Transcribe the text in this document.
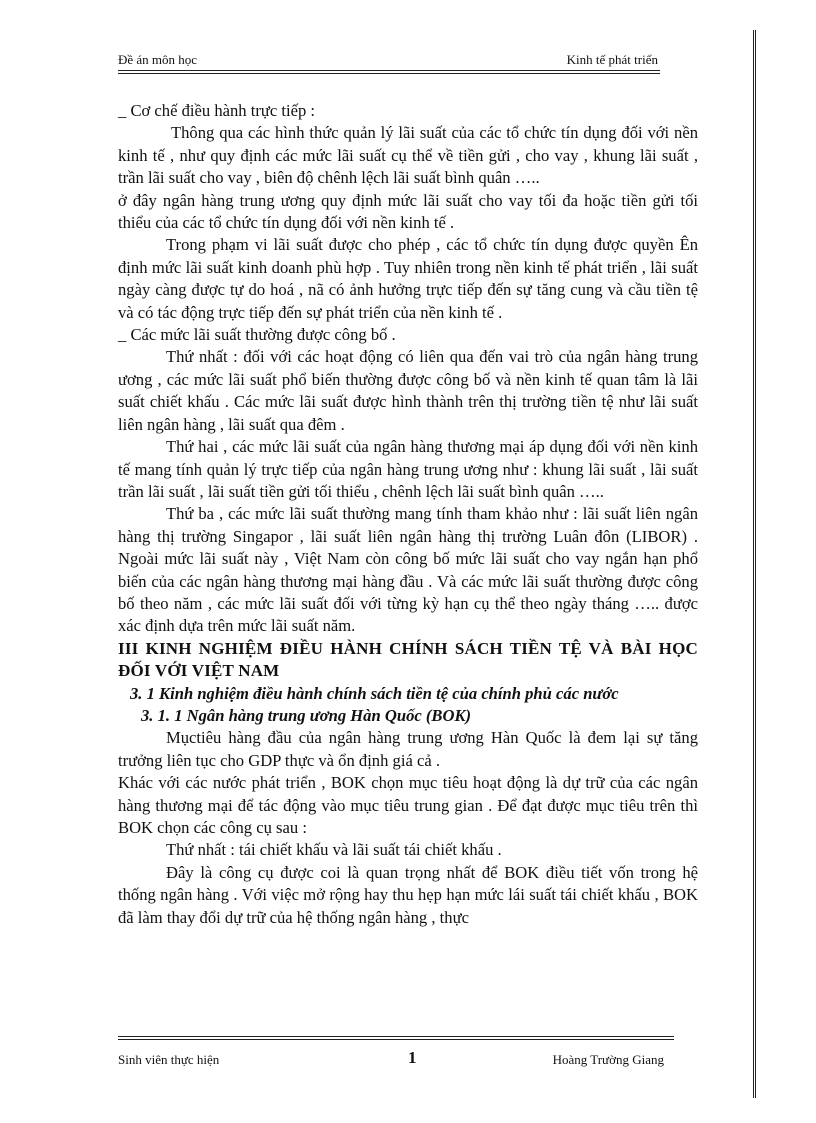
Đề án môn học	Kinh tế phát triển

_ Cơ chế điều hành trực tiếp :

Thông qua các hình thức quản lý lãi suất của các tổ chức tín dụng đối với nền kinh tế , như quy định các mức lãi suất cụ thể về tiền gửi , cho vay , khung lãi suất , trần lãi suất cho vay , biên độ chênh lệch lãi suất bình quân …..

ở đây ngân hàng trung ương quy định mức lãi suất cho vay tối đa hoặc tiền gửi tối thiểu của các tổ chức tín dụng đối với nền kinh tế .

Trong phạm vi lãi suất được cho phép , các tổ chức tín dụng được quyền Ên định mức lãi suất kinh doanh phù hợp . Tuy nhiên trong nền kinh tế phát triển , lãi suất ngày càng được tự do hoá , nã có ảnh hưởng trực tiếp đến sự tăng cung và cầu tiền tệ và có tác động trực tiếp đến sự phát triển của nền kinh tế .

_ Các mức lãi suất thường được công bố .

Thứ nhất : đối với các hoạt động có liên qua đến vai trò của ngân hàng trung ương , các mức lãi suất phổ biến thường được công bố và nền kinh tế quan tâm là lãi suất chiết khấu . Các mức lãi suất được hình thành trên thị trường tiền tệ như lãi suất liên ngân hàng , lãi suất qua đêm .

Thứ hai , các mức lãi suất của ngân hàng thương mại áp dụng đối với nền kinh tế mang tính quản lý trực tiếp của ngân hàng trung ương như : khung lãi suất , lãi suất trần lãi suất , lãi suất tiền gửi tối thiểu , chênh lệch lãi suất bình quân …..

Thứ ba , các mức lãi suất thường mang tính tham khảo như : lãi suất liên ngân hàng thị trường Singapor , lãi suất liên ngân hàng thị trường Luân đôn (LIBOR) . Ngoài mức lãi suất này , Việt Nam còn công bố mức lãi suất cho vay ngắn hạn phổ biến của các ngân hàng thương mại hàng đầu . Và các mức lãi suất thường được công bố theo năm , các mức lãi suất đối với từng kỳ hạn cụ thể theo ngày tháng ….. được xác định dựa trên mức lãi suất năm.

III KINH NGHIỆM ĐIỀU HÀNH CHÍNH SÁCH TIỀN TỆ VÀ BÀI HỌC ĐỐI VỚI VIỆT NAM

3. 1 Kinh nghiệm điều hành chính sách tiền tệ của chính phủ các nước

3. 1. 1 Ngân hàng trung ương Hàn Quốc (BOK)

Mụctiêu hàng đầu của ngân hàng trung ương Hàn Quốc là đem lại sự tăng trưởng liên tục cho GDP thực và ổn định giá cả .

Khác với các nước phát triển , BOK chọn mục tiêu hoạt động là dự trữ của các ngân hàng thương mại để tác động vào mục tiêu trung gian . Để đạt được mục tiêu trên thì BOK chọn các công cụ sau :

Thứ nhất : tái chiết khấu và lãi suất tái chiết khấu .

Đây là công cụ được coi là quan trọng nhất để BOK điều tiết vốn trong hệ thống ngân hàng . Với việc mở rộng hay thu hẹp hạn mức lái suất tái chiết khấu , BOK đã làm thay đổi dự trữ của hệ thống ngân hàng , thực

Sinh viên thực hiện	1	Hoàng Trường Giang
